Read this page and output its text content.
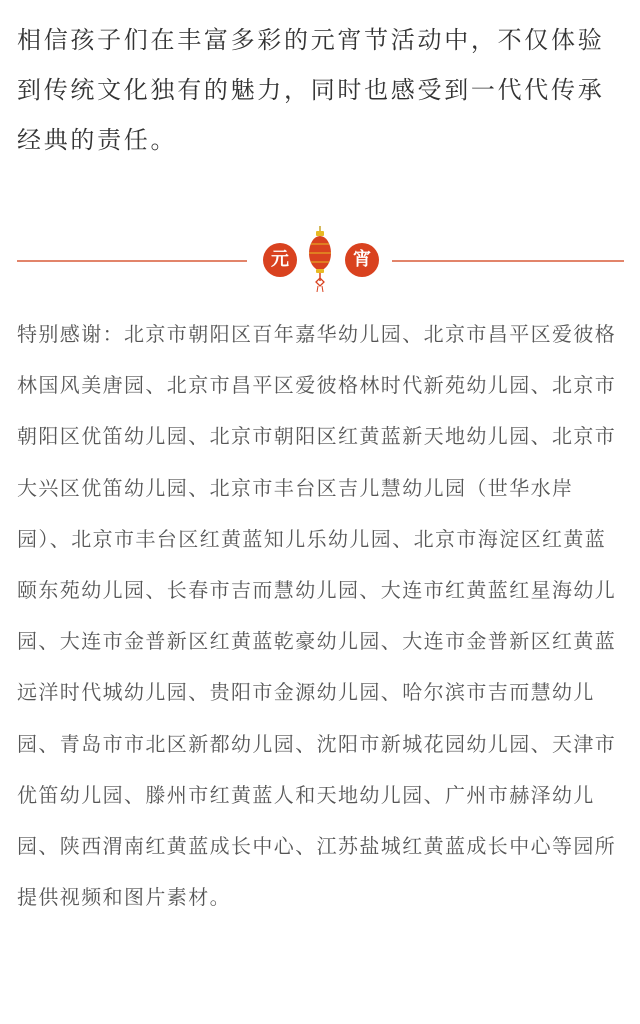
相信孩子们在丰富多彩的元宵节活动中，不仅体验到传统文化独有的魅力，同时也感受到一代代传承经典的责任。

元	宵

特别感谢：北京市朝阳区百年嘉华幼儿园、北京市昌平区爱彼格林国风美唐园、北京市昌平区爱彼格林时代新苑幼儿园、北京市朝阳区优笛幼儿园、北京市朝阳区红黄蓝新天地幼儿园、北京市大兴区优笛幼儿园、北京市丰台区吉儿慧幼儿园（世华水岸园）、北京市丰台区红黄蓝知儿乐幼儿园、北京市海淀区红黄蓝颐东苑幼儿园、长春市吉而慧幼儿园、大连市红黄蓝红星海幼儿园、大连市金普新区红黄蓝乾豪幼儿园、大连市金普新区红黄蓝远洋时代城幼儿园、贵阳市金源幼儿园、哈尔滨市吉而慧幼儿园、青岛市市北区新都幼儿园、沈阳市新城花园幼儿园、天津市优笛幼儿园、滕州市红黄蓝人和天地幼儿园、广州市赫泽幼儿园、陕西渭南红黄蓝成长中心、江苏盐城红黄蓝成长中心等园所提供视频和图片素材。
